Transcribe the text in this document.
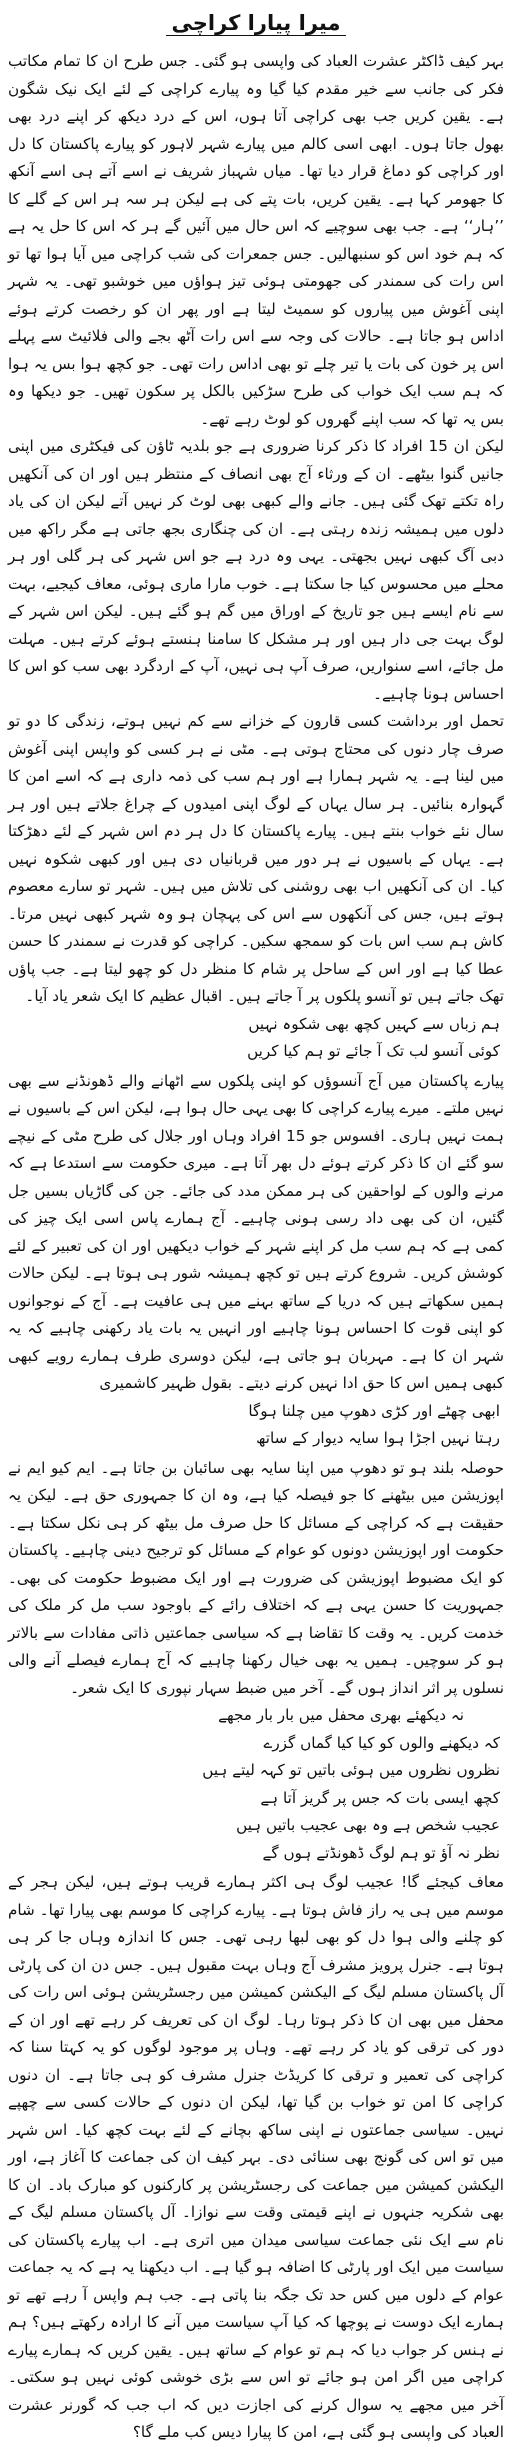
میرا پیارا کراچی

بہر کیف ڈاکٹر عشرت العباد کی واپسی ہو گئی۔ جس طرح ان کا تمام مکاتب فکر کی جانب سے خیر مقدم کیا گیا وہ پیارے کراچی کے لئے ایک نیک شگون ہے۔ یقین کریں جب بھی کراچی آتا ہوں، اس کے درد دیکھ کر اپنے درد بھی بھول جاتا ہوں۔ ابھی اسی کالم میں پیارے شہر لاہور کو پیارے پاکستان کا دل اور کراچی کو دماغ قرار دیا تھا۔ میاں شہباز شریف نے اسے آتے ہی اسے آنکھ کا جھومر کہا ہے۔ یقین کریں، بات پتے کی ہے لیکن ہر سہ ہر اس کے گلے کا ’’ہار‘‘ ہے۔ جب بھی سوچیے کہ اس حال میں آئیں گے ہر کہ اس کا حل یہ ہے کہ ہم خود اس کو سنبھالیں۔ جس جمعرات کی شب کراچی میں آیا ہوا تھا تو اس رات کی سمندر کی جھومتی ہوئی تیز ہواؤں میں خوشبو تھی۔ یہ شہر اپنی آغوش میں پیاروں کو سمیٹ لیتا ہے اور پھر ان کو رخصت کرتے ہوئے اداس ہو جاتا ہے۔ حالات کی وجہ سے اس رات آٹھ بجے والی فلائیٹ سے پہلے اس پر خون کی بات یا تیر چلے تو بھی اداس رات تھی۔ جو کچھ ہوا بس یہ ہوا کہ ہم سب ایک خواب کی طرح سڑکیں بالکل پر سکون تھیں۔ جو دیکھا وہ بس یہ تھا کہ سب اپنے گھروں کو لوٹ رہے تھے۔

لیکن ان 15 افراد کا ذکر کرنا ضروری ہے جو بلدیہ ٹاؤن کی فیکٹری میں اپنی جانیں گنوا بیٹھے۔ ان کے ورثاء آج بھی انصاف کے منتظر ہیں اور ان کی آنکھیں راہ تکتے تھک گئی ہیں۔ جانے والے کبھی بھی لوٹ کر نہیں آتے لیکن ان کی یاد دلوں میں ہمیشہ زندہ رہتی ہے۔ ان کی چنگاری بجھ جاتی ہے مگر راکھ میں دبی آگ کبھی نہیں بجھتی۔ یہی وہ درد ہے جو اس شہر کی ہر گلی اور ہر محلے میں محسوس کیا جا سکتا ہے۔ خوب مارا ماری ہوئی، معاف کیجیے، بہت سے نام ایسے ہیں جو تاریخ کے اوراق میں گم ہو گئے ہیں۔ لیکن اس شہر کے لوگ بہت جی دار ہیں اور ہر مشکل کا سامنا ہنستے ہوئے کرتے ہیں۔ مہلت مل جائے، اسے سنواریں، صرف آپ ہی نہیں، آپ کے اردگرد بھی سب کو اس کا احساس ہونا چاہیے۔

تحمل اور برداشت کسی قارون کے خزانے سے کم نہیں ہوتے، زندگی کا دو تو صرف چار دنوں کی محتاج ہوتی ہے۔ مٹی نے ہر کسی کو واپس اپنی آغوش میں لینا ہے۔ یہ شہر ہمارا ہے اور ہم سب کی ذمہ داری ہے کہ اسے امن کا گہوارہ بنائیں۔ ہر سال یہاں کے لوگ اپنی امیدوں کے چراغ جلاتے ہیں اور ہر سال نئے خواب بنتے ہیں۔ پیارے پاکستان کا دل ہر دم اس شہر کے لئے دھڑکتا ہے۔ یہاں کے باسیوں نے ہر دور میں قربانیاں دی ہیں اور کبھی شکوہ نہیں کیا۔ ان کی آنکھیں اب بھی روشنی کی تلاش میں ہیں۔ شہر تو سارے معصوم ہوتے ہیں، جس کی آنکھوں سے اس کی پہچان ہو وہ شہر کبھی نہیں مرتا۔ کاش ہم سب اس بات کو سمجھ سکیں۔ کراچی کو قدرت نے سمندر کا حسن عطا کیا ہے اور اس کے ساحل پر شام کا منظر دل کو چھو لیتا ہے۔ جب پاؤں تھک جاتے ہیں تو آنسو پلکوں پر آ جاتے ہیں۔ اقبال عظیم کا ایک شعر یاد آیا۔

ہم زباں سے کہیں کچھ بھی شکوہ نہیں

کوئی آنسو لب تک آ جائے تو ہم کیا کریں

پیارے پاکستان میں آج آنسوؤں کو اپنی پلکوں سے اٹھانے والے ڈھونڈنے سے بھی نہیں ملتے۔ میرے پیارے کراچی کا بھی یہی حال ہوا ہے، لیکن اس کے باسیوں نے ہمت نہیں ہاری۔ افسوس جو 15 افراد وہاں اور جلال کی طرح مٹی کے نیچے سو گئے ان کا ذکر کرتے ہوئے دل بھر آتا ہے۔ میری حکومت سے استدعا ہے کہ مرنے والوں کے لواحقین کی ہر ممکن مدد کی جائے۔ جن کی گاڑیاں بسیں جل گئیں، ان کی بھی داد رسی ہونی چاہیے۔ آج ہمارے پاس اسی ایک چیز کی کمی ہے کہ ہم سب مل کر اپنے شہر کے خواب دیکھیں اور ان کی تعبیر کے لئے کوشش کریں۔ شروع کرتے ہیں تو کچھ ہمیشہ شور ہی ہوتا ہے۔ لیکن حالات ہمیں سکھاتے ہیں کہ دریا کے ساتھ بہنے میں ہی عافیت ہے۔ آج کے نوجوانوں کو اپنی قوت کا احساس ہونا چاہیے اور انہیں یہ بات یاد رکھنی چاہیے کہ یہ شہر ان کا ہے۔ مہربان ہو جاتی ہے، لیکن دوسری طرف ہمارے رویے کبھی کبھی ہمیں اس کا حق ادا نہیں کرنے دیتے۔ بقول ظہیر کاشمیری

ابھی چھٹے اور کڑی دھوپ میں چلنا ہوگا

رہتا نہیں اجڑا ہوا سایہ دیوار کے ساتھ

حوصلہ بلند ہو تو دھوپ میں اپنا سایہ بھی سائبان بن جاتا ہے۔ ایم کیو ایم نے اپوزیشن میں بیٹھنے کا جو فیصلہ کیا ہے، وہ ان کا جمہوری حق ہے۔ لیکن یہ حقیقت ہے کہ کراچی کے مسائل کا حل صرف مل بیٹھ کر ہی نکل سکتا ہے۔ حکومت اور اپوزیشن دونوں کو عوام کے مسائل کو ترجیح دینی چاہیے۔ پاکستان کو ایک مضبوط اپوزیشن کی ضرورت ہے اور ایک مضبوط حکومت کی بھی۔ جمہوریت کا حسن یہی ہے کہ اختلاف رائے کے باوجود سب مل کر ملک کی خدمت کریں۔ یہ وقت کا تقاضا ہے کہ سیاسی جماعتیں ذاتی مفادات سے بالاتر ہو کر سوچیں۔ ہمیں یہ بھی خیال رکھنا چاہیے کہ آج ہمارے فیصلے آنے والی نسلوں پر اثر انداز ہوں گے۔ آخر میں ضبط سہار نپوری کا ایک شعر۔

نہ دیکھئے بھری محفل میں بار بار مجھے

کہ دیکھنے والوں کو کیا کیا گماں گزرے

نظروں نظروں میں ہوئی باتیں تو کہہ لیتے ہیں

کچھ ایسی بات کہ جس پر گریز آتا ہے

عجیب شخص ہے وہ بھی عجیب باتیں ہیں

نظر نہ آؤ تو ہم لوگ ڈھونڈتے ہوں گے

معاف کیجئے گا! عجیب لوگ ہی اکثر ہمارے قریب ہوتے ہیں، لیکن ہجر کے موسم میں ہی یہ راز فاش ہوتا ہے۔ پیارے کراچی کا موسم بھی پیارا تھا۔ شام کو چلنے والی ہوا دل کو بھی لبھا رہی تھی۔ جس کا اندازہ وہاں جا کر ہی ہوتا ہے۔ جنرل پرویز مشرف آج وہاں بہت مقبول ہیں۔ جس دن ان کی پارٹی آل پاکستان مسلم لیگ کے الیکشن کمیشن میں رجسٹریشن ہوئی اس رات کی محفل میں بھی ان کا ذکر ہوتا رہا۔ لوگ ان کی تعریف کر رہے تھے اور ان کے دور کی ترقی کو یاد کر رہے تھے۔ وہاں پر موجود لوگوں کو یہ کہتا سنا کہ کراچی کی تعمیر و ترقی کا کریڈٹ جنرل مشرف کو ہی جاتا ہے۔ ان دنوں کراچی کا امن تو خواب بن گیا تھا، لیکن ان دنوں کے حالات کسی سے چھپے نہیں۔ سیاسی جماعتوں نے اپنی ساکھ بچانے کے لئے بہت کچھ کیا۔ اس شہر میں تو اس کی گونج بھی سنائی دی۔ بہر کیف ان کی جماعت کا آغاز ہے، اور الیکشن کمیشن میں جماعت کی رجسٹریشن پر کارکنوں کو مبارک باد۔ ان کا بھی شکریہ جنہوں نے اپنے قیمتی وقت سے نوازا۔ آل پاکستان مسلم لیگ کے نام سے ایک نئی جماعت سیاسی میدان میں اتری ہے۔ اب پیارے پاکستان کی سیاست میں ایک اور پارٹی کا اضافہ ہو گیا ہے۔ اب دیکھنا یہ ہے کہ یہ جماعت عوام کے دلوں میں کس حد تک جگہ بنا پاتی ہے۔ جب ہم واپس آ رہے تھے تو ہمارے ایک دوست نے پوچھا کہ کیا آپ سیاست میں آنے کا ارادہ رکھتے ہیں؟ ہم نے ہنس کر جواب دیا کہ ہم تو عوام کے ساتھ ہیں۔ یقین کریں کہ ہمارے پیارے کراچی میں اگر امن ہو جائے تو اس سے بڑی خوشی کوئی نہیں ہو سکتی۔ آخر میں مجھے یہ سوال کرنے کی اجازت دیں کہ اب جب کہ گورنر عشرت العباد کی واپسی ہو گئی ہے، امن کا پیارا دیس کب ملے گا؟
